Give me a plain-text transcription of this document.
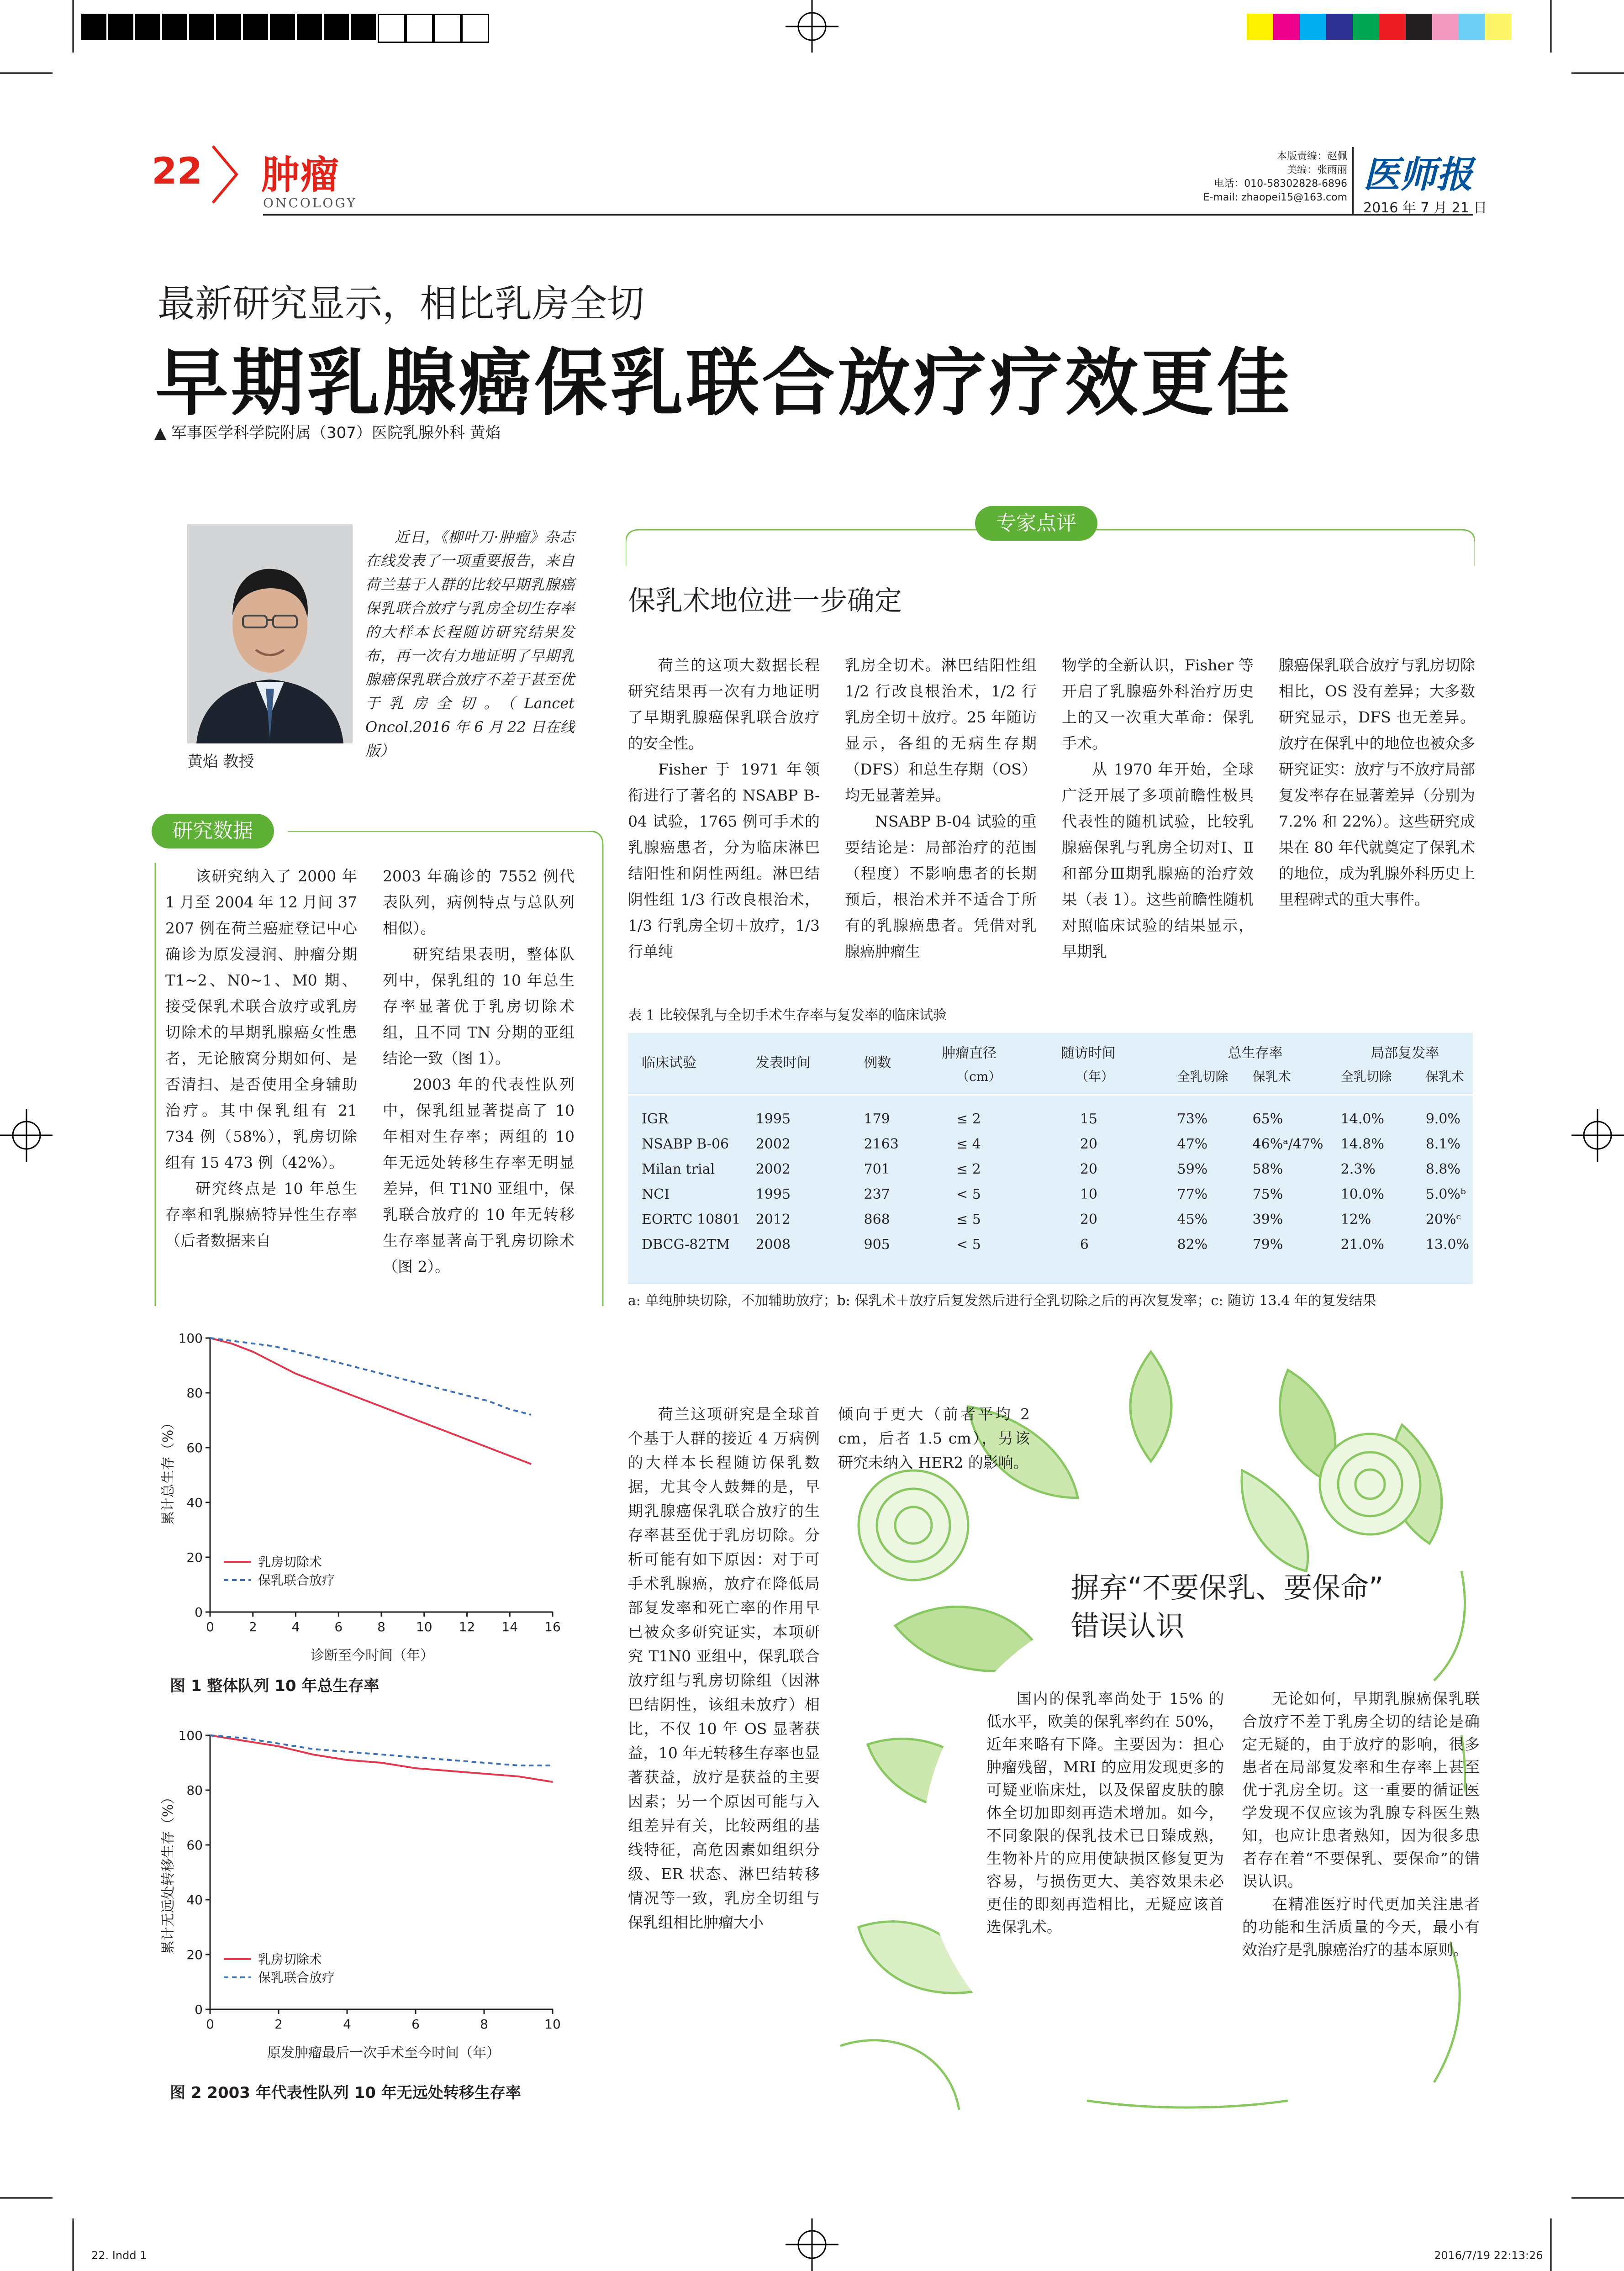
22 肿瘤
ONCOLOGY
本版责编：赵佩
美编：张雨丽
电话：010-58302828-6896
E-mail: zhaopei15@163.com
医师报
2016 年 7 月 21 日
最新研究显示，相比乳房全切
早期乳腺癌保乳联合放疗疗效更佳
▲ 军事医学科学院附属（307）医院乳腺外科 黄焰
黄焰 教授
近日，《柳叶刀·肿瘤》杂志在线发表了一项重要报告，来自荷兰基于人群的比较早期乳腺癌保乳联合放疗与乳房全切生存率的大样本长程随访研究结果发布，再一次有力地证明了早期乳腺癌保乳联合放疗不差于甚至优于乳房全切。（Lancet Oncol.2016 年 6 月 22 日在线版）
研究数据

该研究纳入了 2000 年 1 月至 2004 年 12 月间 37 207 例在荷兰癌症登记中心确诊为原发浸润、肿瘤分期 T1~2、N0~1、M0 期、接受保乳术联合放疗或乳房切除术的早期乳腺癌女性患者，无论腋窝分期如何、是否清扫、是否使用全身辅助治疗。其中保乳组有 21 734 例（58%），乳房切除组有 15 473 例（42%）。

研究终点是 10 年总生存率和乳腺癌特异性生存率（后者数据来自

2003 年确诊的 7552 例代表队列，病例特点与总队列相似）。

研究结果表明，整体队列中，保乳组的 10 年总生存率显著优于乳房切除术组，且不同 TN 分期的亚组结论一致（图 1）。

2003 年的代表性队列中，保乳组显著提高了 10 年相对生存率；两组的 10 年无远处转移生存率无明显差异，但 T1N0 亚组中，保乳联合放疗的 10 年无转移生存率显著高于乳房切除术（图 2）。

专家点评
保乳术地位进一步确定

荷兰的这项大数据长程研究结果再一次有力地证明了早期乳腺癌保乳联合放疗的安全性。

Fisher 于 1971 年领衔进行了著名的 NSABP B-04 试验，1765 例可手术的乳腺癌患者，分为临床淋巴结阳性和阴性两组。淋巴结阴性组 1/3 行改良根治术，1/3 行乳房全切＋放疗，1/3 行单纯

乳房全切术。淋巴结阳性组 1/2 行改良根治术，1/2 行乳房全切＋放疗。25 年随访显示，各组的无病生存期（DFS）和总生存期（OS）均无显著差异。

NSABP B-04 试验的重要结论是：局部治疗的范围（程度）不影响患者的长期预后，根治术并不适合于所有的乳腺癌患者。凭借对乳腺癌肿瘤生

物学的全新认识，Fisher 等开启了乳腺癌外科治疗历史上的又一次重大革命：保乳手术。

从 1970 年开始，全球广泛开展了多项前瞻性极具代表性的随机试验，比较乳腺癌保乳与乳房全切对Ⅰ、Ⅱ和部分Ⅲ期乳腺癌的治疗效果（表 1）。这些前瞻性随机对照临床试验的结果显示，早期乳

腺癌保乳联合放疗与乳房切除相比，OS 没有差异；大多数研究显示，DFS 也无差异。放疗在保乳中的地位也被众多研究证实：放疗与不放疗局部复发率存在显著差异（分别为 7.2% 和 22%）。这些研究成果在 80 年代就奠定了保乳术的地位，成为乳腺外科历史上里程碑式的重大事件。

表 1 比较保乳与全切手术生存率与复发率的临床试验
临床试验	发表时间	例数	肿瘤直径	随访时间	总生存率		局部复发率	
			（cm）	（年）	全乳切除	保乳术	全乳切除	保乳术

IGR	1995	179	≤ 2	15	73%	65%	14.0%	9.0%
NSABP B-06	2002	2163	≤ 4	20	47%	46%ᵃ/47%	14.8%	8.1%
Milan trial	2002	701	≤ 2	20	59%	58%	2.3%	8.8%
NCI	1995	237	< 5	10	77%	75%	10.0%	5.0%ᵇ
EORTC 10801	2012	868	≤ 5	20	45%	39%	12%	20%ᶜ
DBCG-82TM	2008	905	< 5	6	82%	79%	21.0%	13.0%
a: 单纯肿块切除，不加辅助放疗；b: 保乳术＋放疗后复发然后进行全乳切除之后的再次复发率；c: 随访 13.4 年的复发结果
累计总生存（%）
诊断至今时间（年）
0
20
40
60
80
100
0	2	4	6	8 10 12 14 16
乳房切除术
保乳联合放疗
图 1 整体队列 10 年总生存率
累计无远处转移生存（%）
原发肿瘤最后一次手术至今时间（年）
0
20
40
60
80
100
0	2	4	6	8	10
乳房切除术
保乳联合放疗
图 2 2003 年代表性队列 10 年无远处转移生存率

荷兰这项研究是全球首个基于人群的接近 4 万病例的大样本长程随访保乳数据，尤其令人鼓舞的是，早期乳腺癌保乳联合放疗的生存率甚至优于乳房切除。分析可能有如下原因：对于可手术乳腺癌，放疗在降低局部复发率和死亡率的作用早已被众多研究证实，本项研究 T1N0 亚组中，保乳联合放疗组与乳房切除组（因淋巴结阴性，该组未放疗）相比，不仅 10 年 OS 显著获益，10 年无转移生存率也显著获益，放疗是获益的主要因素；另一个原因可能与入组差异有关，比较两组的基线特征，高危因素如组织分级、ER 状态、淋巴结转移情况等一致，乳房全切组与保乳组相比肿瘤大小

倾向于更大（前者平均 2 cm，后者 1.5 cm），另该研究未纳入 HER2 的影响。

摒弃“不要保乳、要保命”
错误认识

国内的保乳率尚处于 15% 的低水平，欧美的保乳率约在 50%，近年来略有下降。主要因为：担心肿瘤残留，MRI 的应用发现更多的可疑亚临床灶，以及保留皮肤的腺体全切加即刻再造术增加。如今，不同象限的保乳技术已日臻成熟，生物补片的应用使缺损区修复更为容易，与损伤更大、美容效果未必更佳的即刻再造相比，无疑应该首选保乳术。

无论如何，早期乳腺癌保乳联合放疗不差于乳房全切的结论是确定无疑的，由于放疗的影响，很多患者在局部复发率和生存率上甚至优于乳房全切。这一重要的循证医学发现不仅应该为乳腺专科医生熟知，也应让患者熟知，因为很多患者存在着“不要保乳、要保命”的错误认识。

在精准医疗时代更加关注患者的功能和生活质量的今天，最小有效治疗是乳腺癌治疗的基本原则。

22. Indd 1	2016/7/19 22:13:26
